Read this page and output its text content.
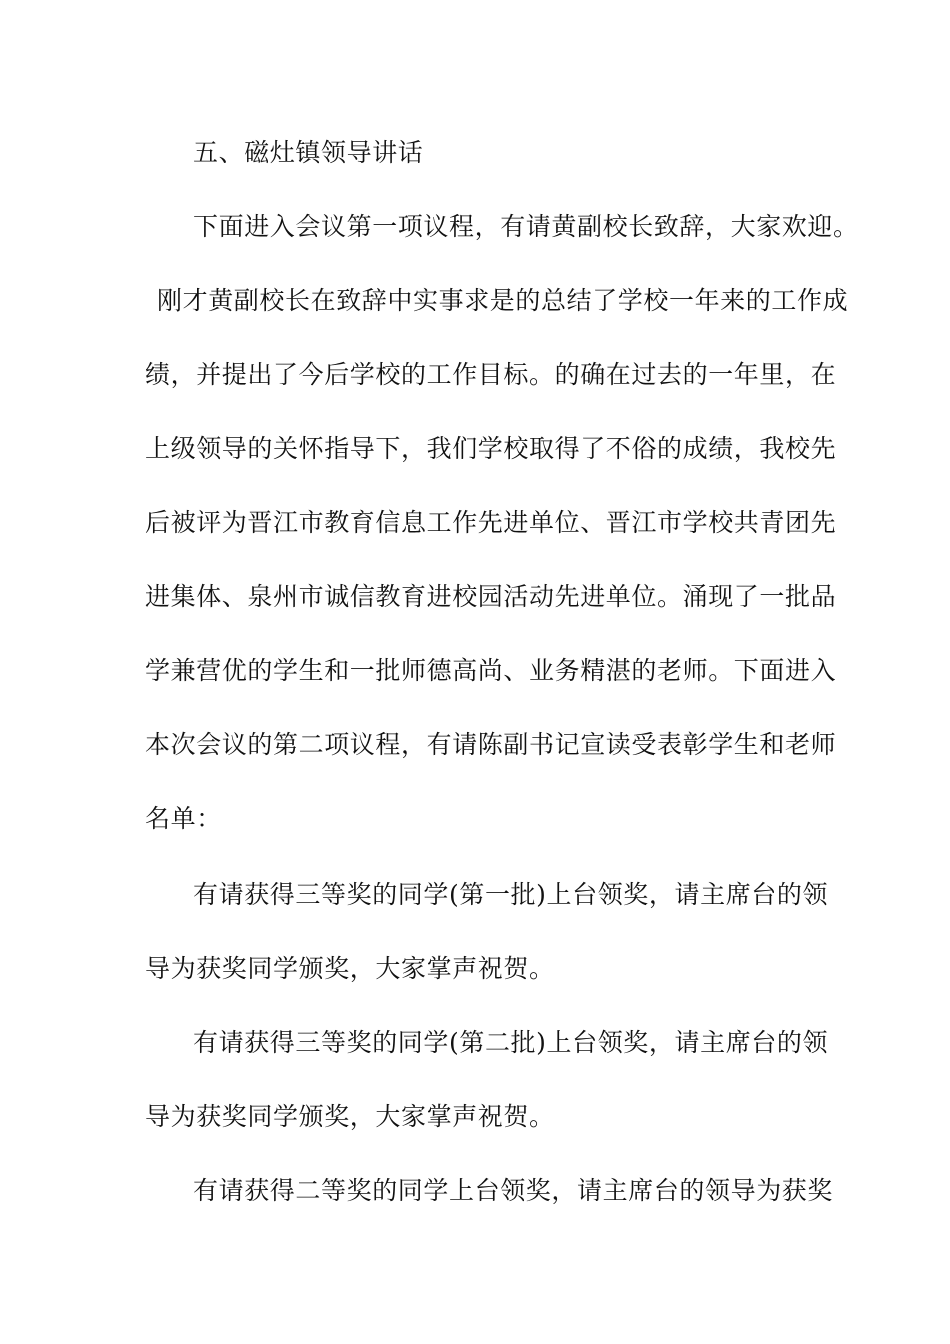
五、磁灶镇领导讲话
下面进入会议第一项议程，有请黄副校长致辞，大家欢迎。
刚才黄副校长在致辞中实事求是的总结了学校一年来的工作成
绩，并提出了今后学校的工作目标。的确在过去的一年里，在
上级领导的关怀指导下，我们学校取得了不俗的成绩，我校先
后被评为晋江市教育信息工作先进单位、晋江市学校共青团先
进集体、泉州市诚信教育进校园活动先进单位。涌现了一批品
学兼营优的学生和一批师德高尚、业务精湛的老师。下面进入
本次会议的第二项议程，有请陈副书记宣读受表彰学生和老师
名单：
有请获得三等奖的同学(第一批)上台领奖，请主席台的领
导为获奖同学颁奖，大家掌声祝贺。
有请获得三等奖的同学(第二批)上台领奖，请主席台的领
导为获奖同学颁奖，大家掌声祝贺。
有请获得二等奖的同学上台领奖，请主席台的领导为获奖
